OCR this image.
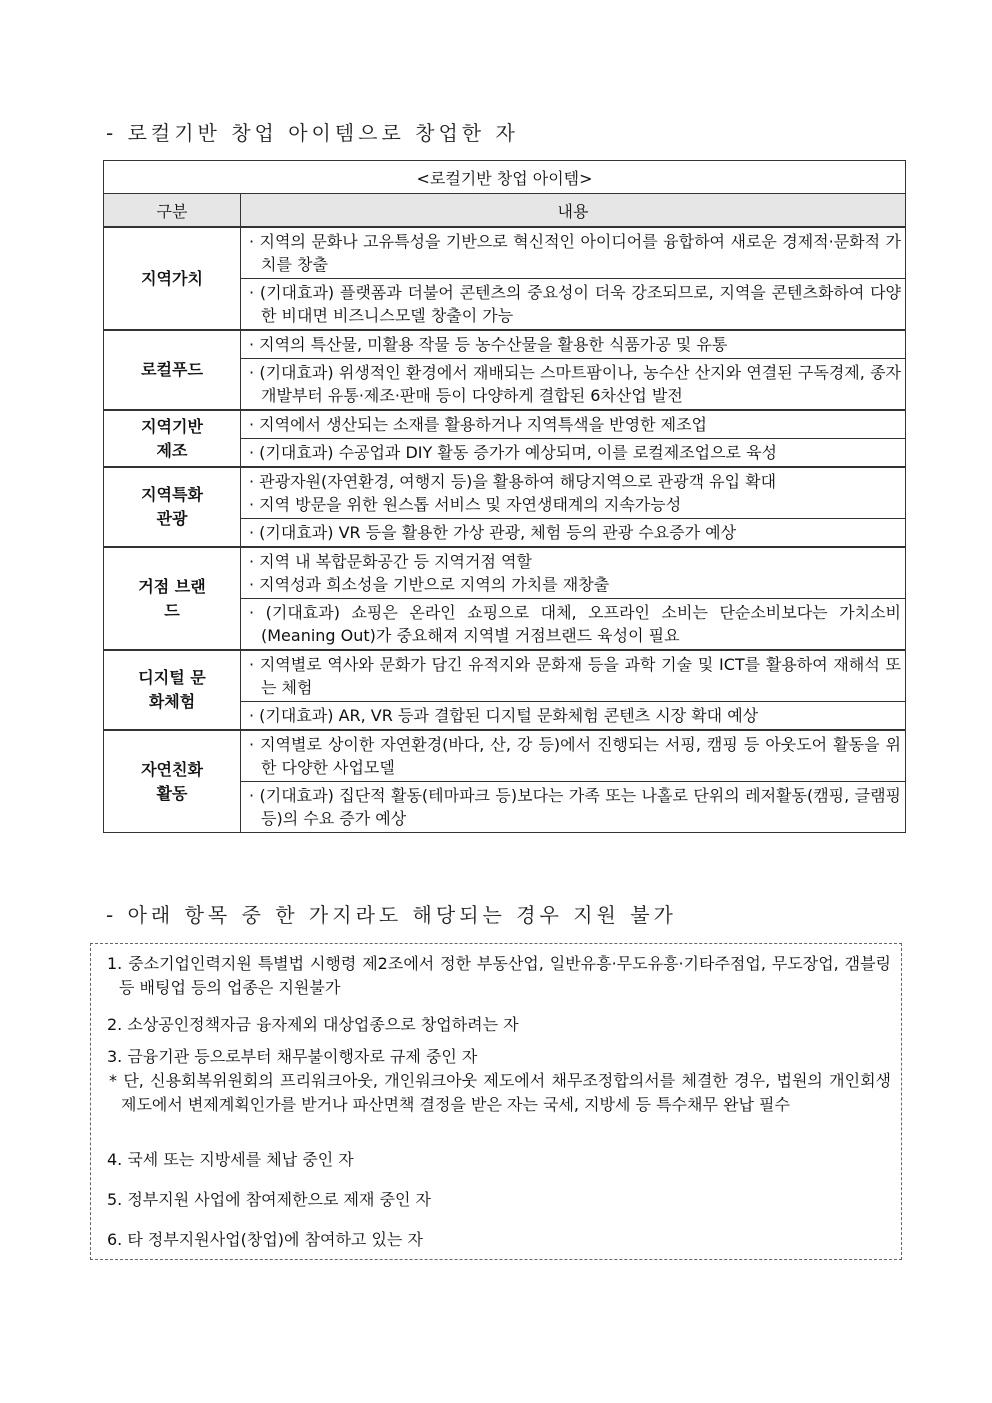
- 로컬기반 창업 아이템으로 창업한 자
<로컬기반 창업 아이템>	
구분	내용
지역가치	· 지역의 문화나 고유특성을 기반으로 혁신적인 아이디어를 융합하여 새로운 경제적·문화적 가치를 창출

	· (기대효과) 플랫폼과 더불어 콘텐츠의 중요성이 더욱 강조되므로, 지역을 콘텐츠화하여 다양한 비대면 비즈니스모델 창출이 가능

로컬푸드	· 지역의 특산물, 미활용 작물 등 농수산물을 활용한 식품가공 및 유통

	· (기대효과) 위생적인 환경에서 재배되는 스마트팜이나, 농수산 산지와 연결된 구독경제, 종자개발부터 유통·제조·판매 등이 다양하게 결합된 6차산업 발전

지역기반 제조	· 지역에서 생산되는 소재를 활용하거나 지역특색을 반영한 제조업

	· (기대효과) 수공업과 DIY 활동 증가가 예상되며, 이를 로컬제조업으로 육성

지역특화 관광	· 관광자원(자연환경, 여행지 등)을 활용하여 해당지역으로 관광객 유입 확대
· 지역 방문을 위한 원스톱 서비스 및 자연생태계의 지속가능성

	· (기대효과) VR 등을 활용한 가상 관광, 체험 등의 관광 수요증가 예상

거점 브랜드	· 지역 내 복합문화공간 등 지역거점 역할
· 지역성과 희소성을 기반으로 지역의 가치를 재창출

	· (기대효과) 쇼핑은 온라인 쇼핑으로 대체, 오프라인 소비는 단순소비보다는 가치소비(Meaning Out)가 중요해져 지역별 거점브랜드 육성이 필요

디지털 문화체험	· 지역별로 역사와 문화가 담긴 유적지와 문화재 등을 과학 기술 및 ICT를 활용하여 재해석 또는 체험

	· (기대효과) AR, VR 등과 결합된 디지털 문화체험 콘텐츠 시장 확대 예상

자연친화 활동	· 지역별로 상이한 자연환경(바다, 산, 강 등)에서 진행되는 서핑, 캠핑 등 아웃도어 활동을 위한 다양한 사업모델

	· (기대효과) 집단적 활동(테마파크 등)보다는 가족 또는 나홀로 단위의 레저활동(캠핑, 글램핑 등)의 수요 증가 예상
- 아래 항목 중 한 가지라도 해당되는 경우 지원 불가
1. 중소기업인력지원 특별법 시행령 제2조에서 정한 부동산업, 일반유흥·무도유흥·기타주점업, 무도장업, 갬블링 등 배팅업 등의 업종은 지원불가
2. 소상공인정책자금 융자제외 대상업종으로 창업하려는 자
3. 금융기관 등으로부터 채무불이행자로 규제 중인 자
* 단, 신용회복위원회의 프리워크아웃, 개인워크아웃 제도에서 채무조정합의서를 체결한 경우, 법원의 개인회생제도에서 변제계획인가를 받거나 파산면책 결정을 받은 자는 국세, 지방세 등 특수채무 완납 필수
4. 국세 또는 지방세를 체납 중인 자
5. 정부지원 사업에 참여제한으로 제재 중인 자
6. 타 정부지원사업(창업)에 참여하고 있는 자
